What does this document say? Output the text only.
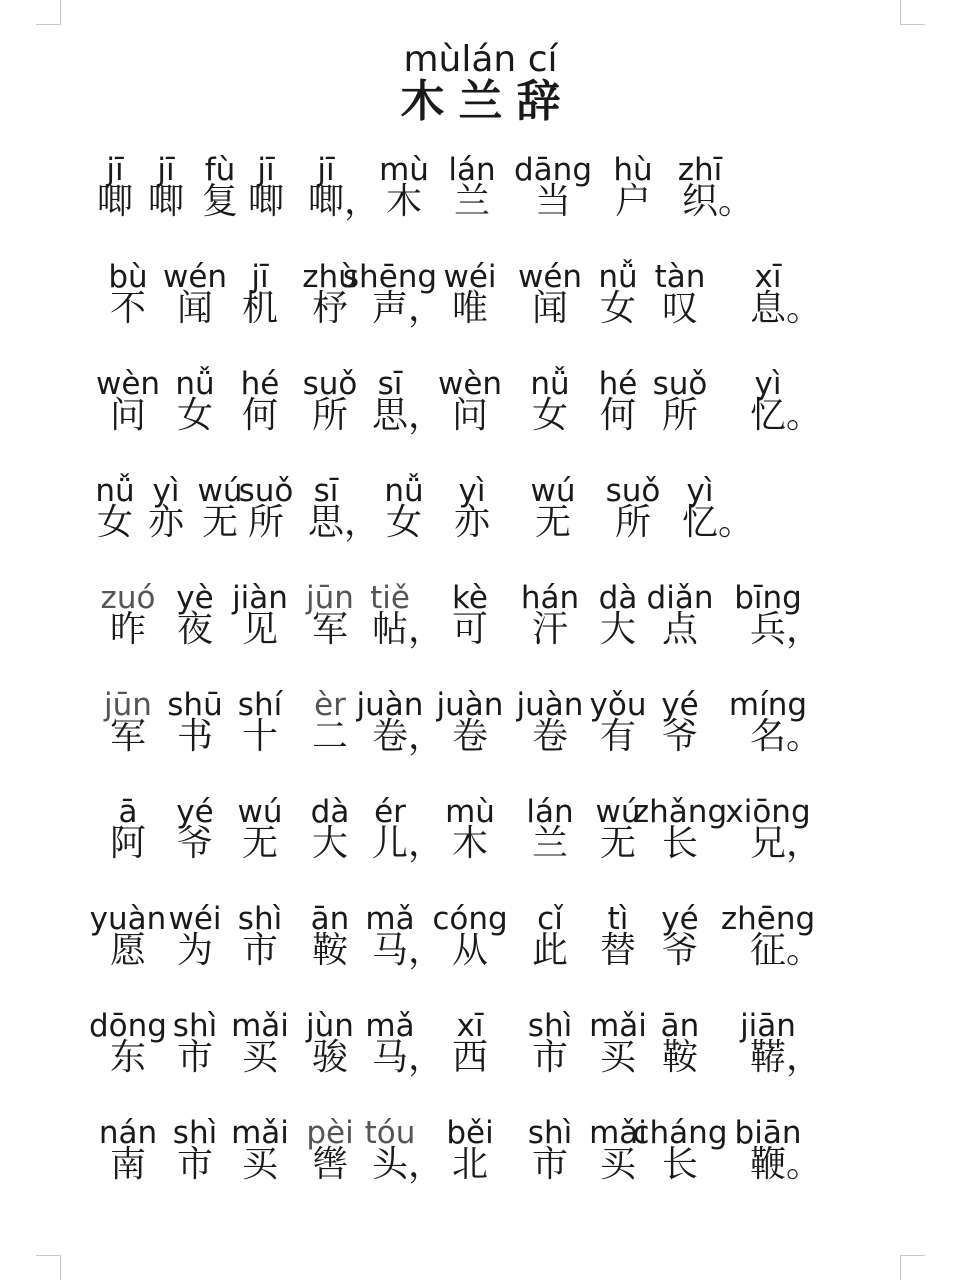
mùlán cí
木兰辞
jī
唧
jī
唧
fù
复
jī
唧
jī
唧 ，
mù
木
lán
兰
dāng
当
hù
户
zhī
织 。
bù
不
wén
闻
jī
机
zhù
杼
shēng
声 ，
wéi
唯
wén
闻
nǚ
女
tàn
叹
xī
息 。
wèn
问
nǚ
女
hé
何
suǒ
所
sī
思 ，
wèn
问
nǚ
女
hé
何
suǒ
所
yì
忆 。
nǚ
女
yì
亦
wú
无
suǒ
所
sī
思 ，
nǚ
女
yì
亦
wú
无
suǒ
所
yì
忆 。
zuó
昨
yè
夜
jiàn
见
jūn
军
tiě
帖 ，
kè
可
hán
汗
dà
大
diǎn
点
bīng
兵 ，
jūn
军
shū
书
shí
十
èr
二
juàn
卷 ，
juàn
卷
juàn
卷
yǒu
有
yé
爷
míng
名 。
ā
阿
yé
爷
wú
无
dà
大
ér
儿 ，
mù
木
lán
兰
wú
无
zhǎng
长
xiōng
兄 ，
yuàn
愿
wéi
为
shì
市
ān
鞍
mǎ
马 ，
cóng
从
cǐ
此
tì
替
yé
爷
zhēng
征 。
dōng
东
shì
市
mǎi
买
jùn
骏
mǎ
马 ，
xī
西
shì
市
mǎi
买
ān
鞍
jiān
鞯 ，
nán
南
shì
市
mǎi
买
pèi
辔
tóu
头 ，
běi
北
shì
市
mǎi
买
cháng
长
biān
鞭 。
